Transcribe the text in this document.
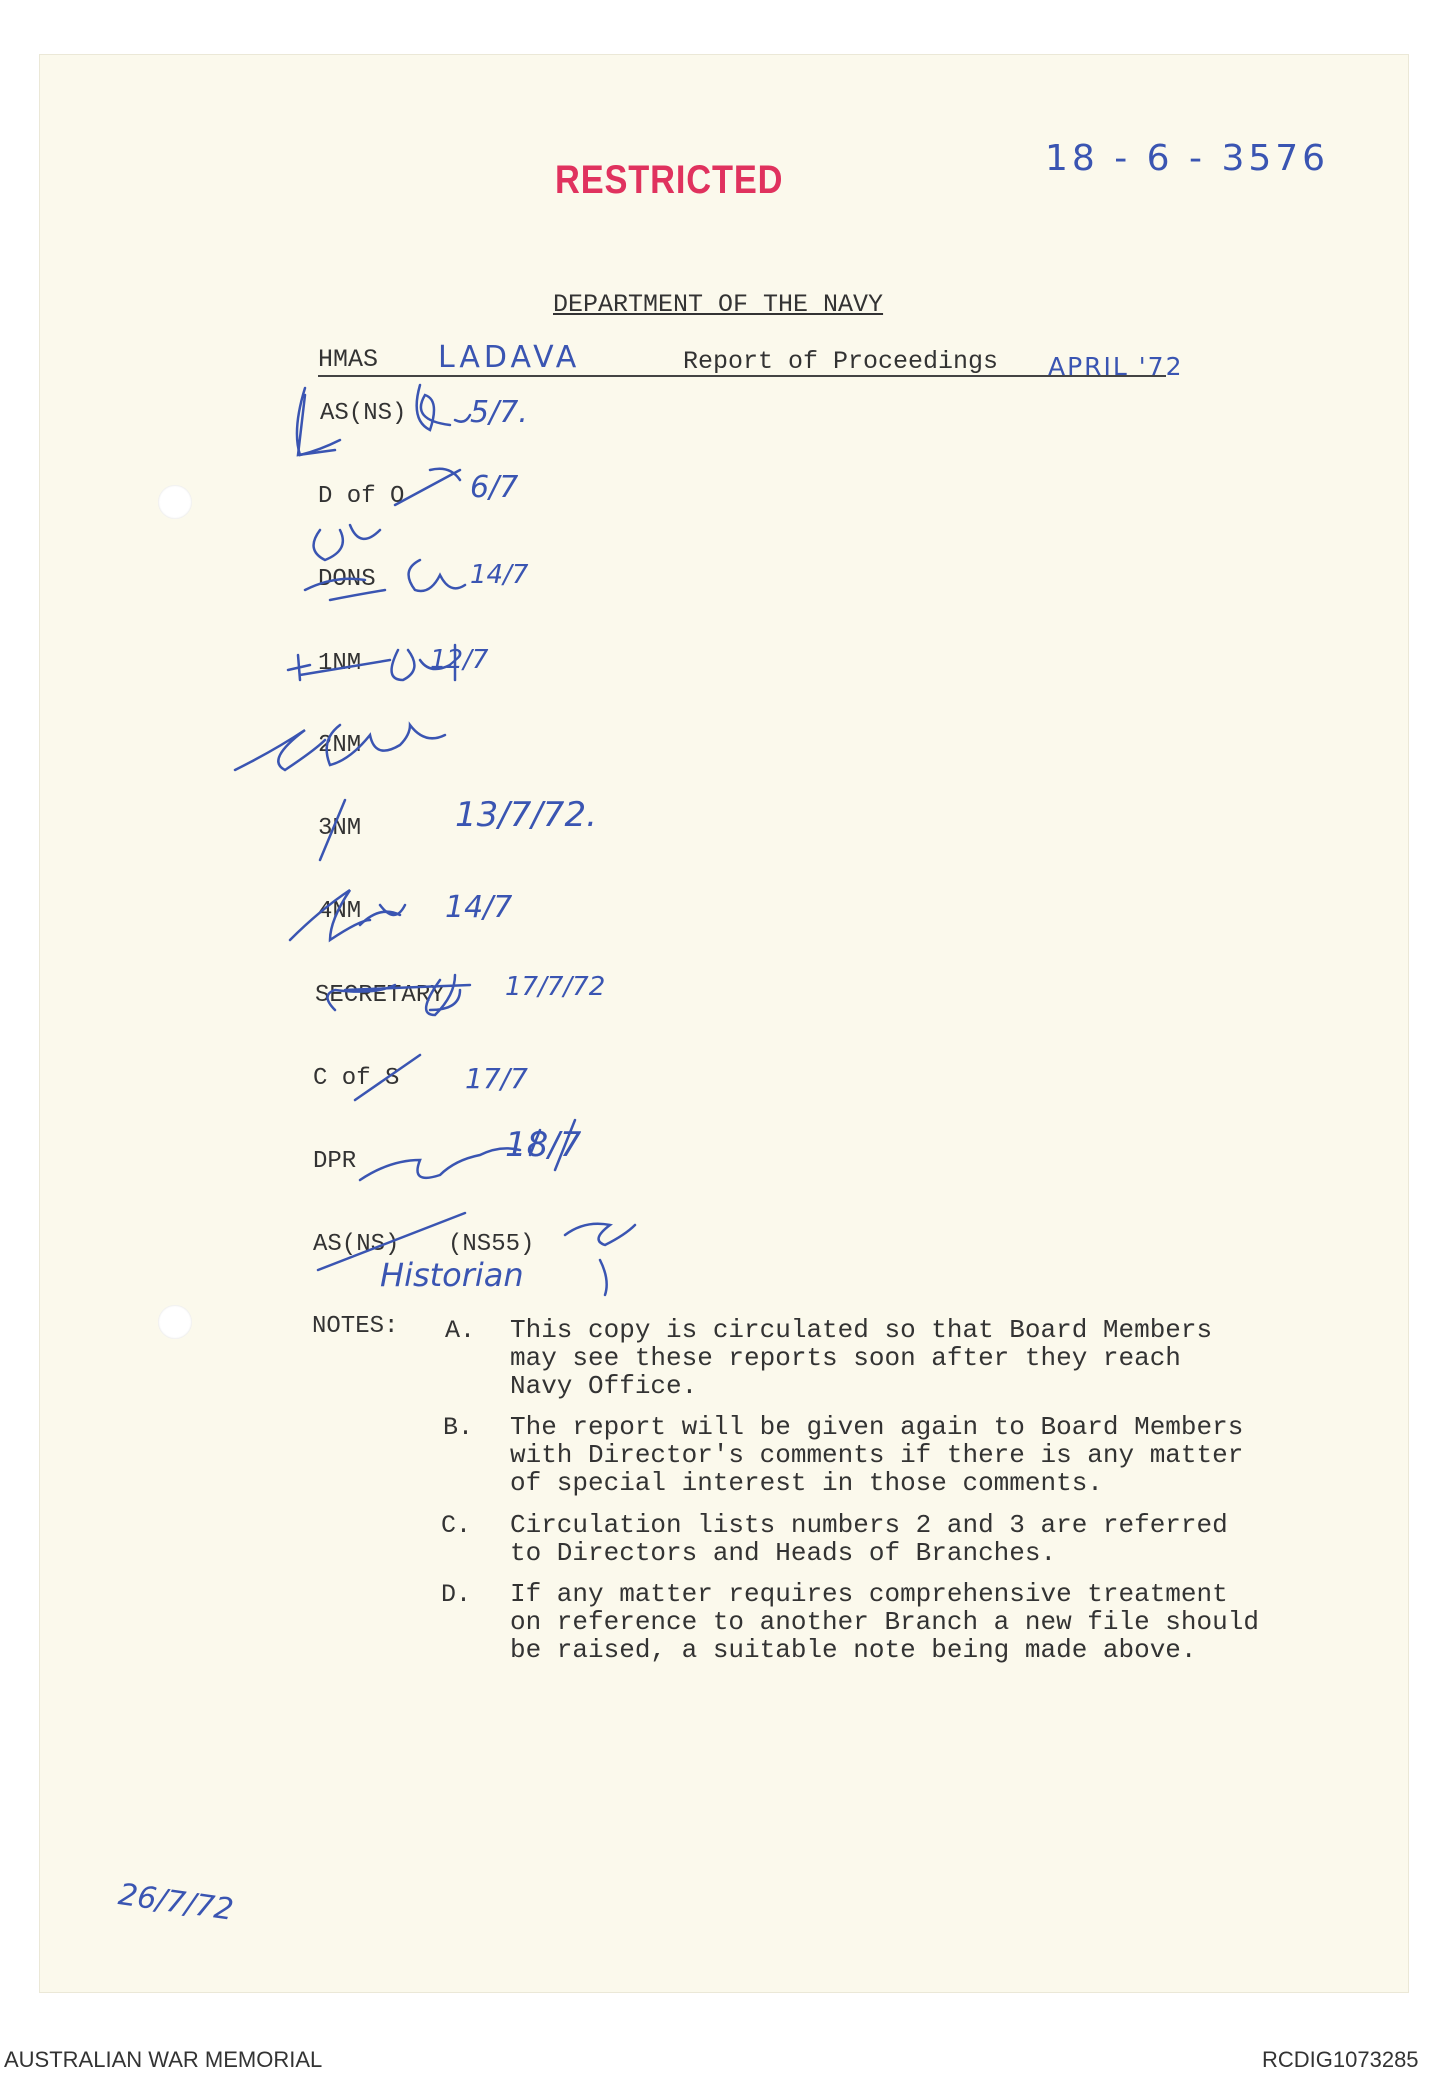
RESTRICTED	18 - 6 - 3576
DEPARTMENT OF THE NAVY
HMAS LADAVA	Report of Proceedings APRIL '72
AS(NS) 5/7.
D of O 6/7
DONS	14/7
1NM	12/7
2NM
3NM	13/7/72.
4NM	14/7
SECRETARY 17/7/72
C of S 17/7
DPR	18/7
AS(NS) (NS55)
Historian
NOTES: A. This copy is circulated so that Board Members
may see these reports soon after they reach
Navy Office.
B. The report will be given again to Board Members
with Director's comments if there is any matter
of special interest in those comments.
C. Circulation lists numbers 2 and 3 are referred
to Directors and Heads of Branches.
D. If any matter requires comprehensive treatment
on reference to another Branch a new file should
be raised, a suitable note being made above.
26/7/72
AUSTRALIAN WAR MEMORIAL	RCDIG1073285
